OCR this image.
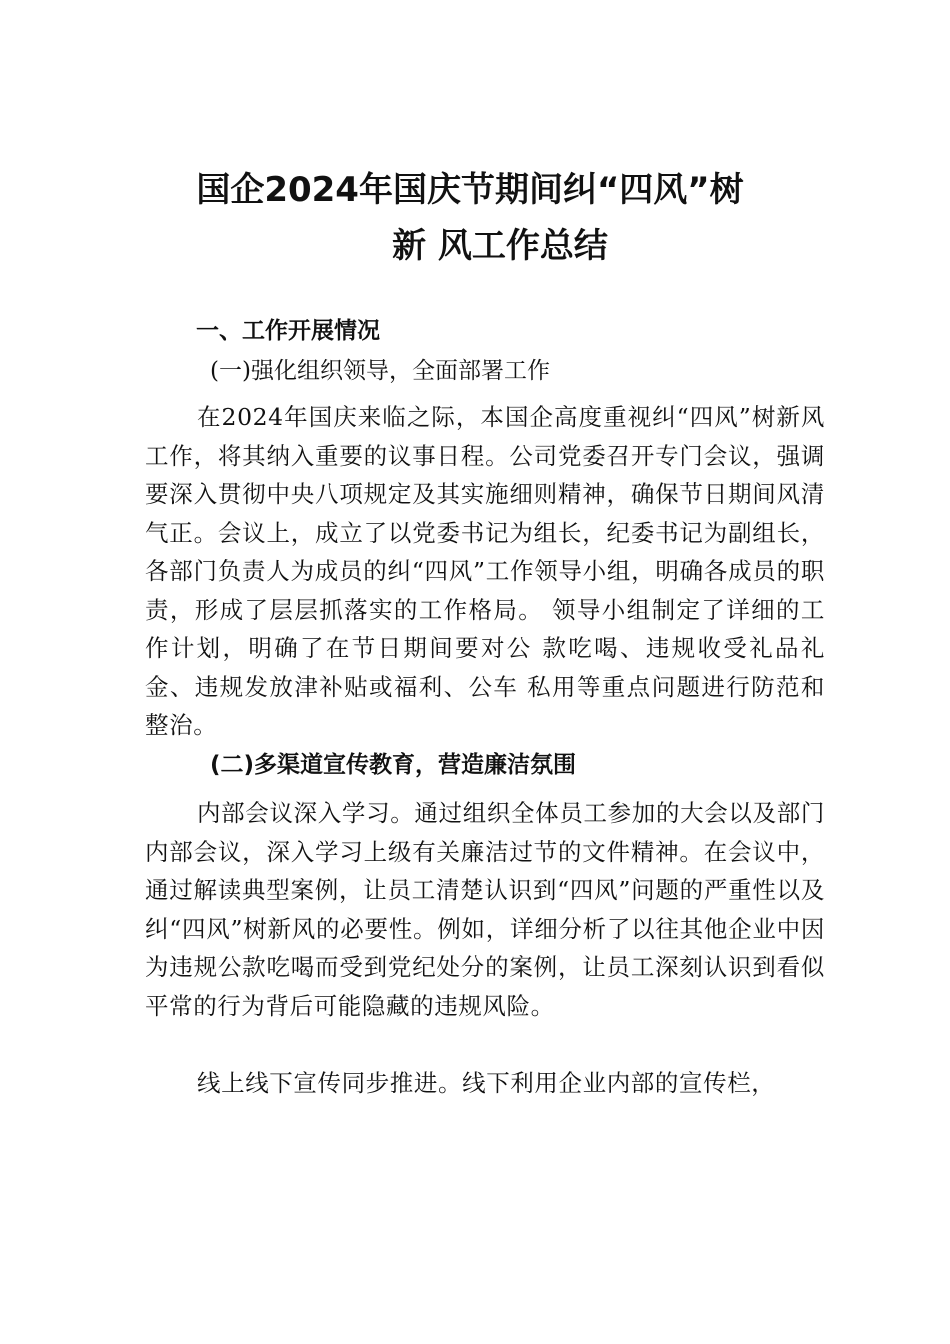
国企2024年国庆节期间纠“四风”树
新 风工作总结
一、工作开展情况
(一)强化组织领导，全面部署工作
在2024年国庆来临之际，本国企高度重视纠“四风”树新风工作，将其纳入重要的议事日程。公司党委召开专门会议，强调要深入贯彻中央八项规定及其实施细则精神，确保节日期间风清气正。会议上，成立了以党委书记为组长，纪委书记为副组长，各部门负责人为成员的纠“四风”工作领导小组，明确各成员的职责，形成了层层抓落实的工作格局。 领导小组制定了详细的工作计划，明确了在节日期间要对公 款吃喝、违规收受礼品礼金、违规发放津补贴或福利、公车 私用等重点问题进行防范和整治。
(二)多渠道宣传教育，营造廉洁氛围
内部会议深入学习。通过组织全体员工参加的大会以及部门内部会议，深入学习上级有关廉洁过节的文件精神。在会议中，通过解读典型案例，让员工清楚认识到“四风”问题的严重性以及纠“四风”树新风的必要性。例如，详细分析了以往其他企业中因为违规公款吃喝而受到党纪处分的案例，让员工深刻认识到看似平常的行为背后可能隐藏的违规风险。
线上线下宣传同步推进。线下利用企业内部的宣传栏，
